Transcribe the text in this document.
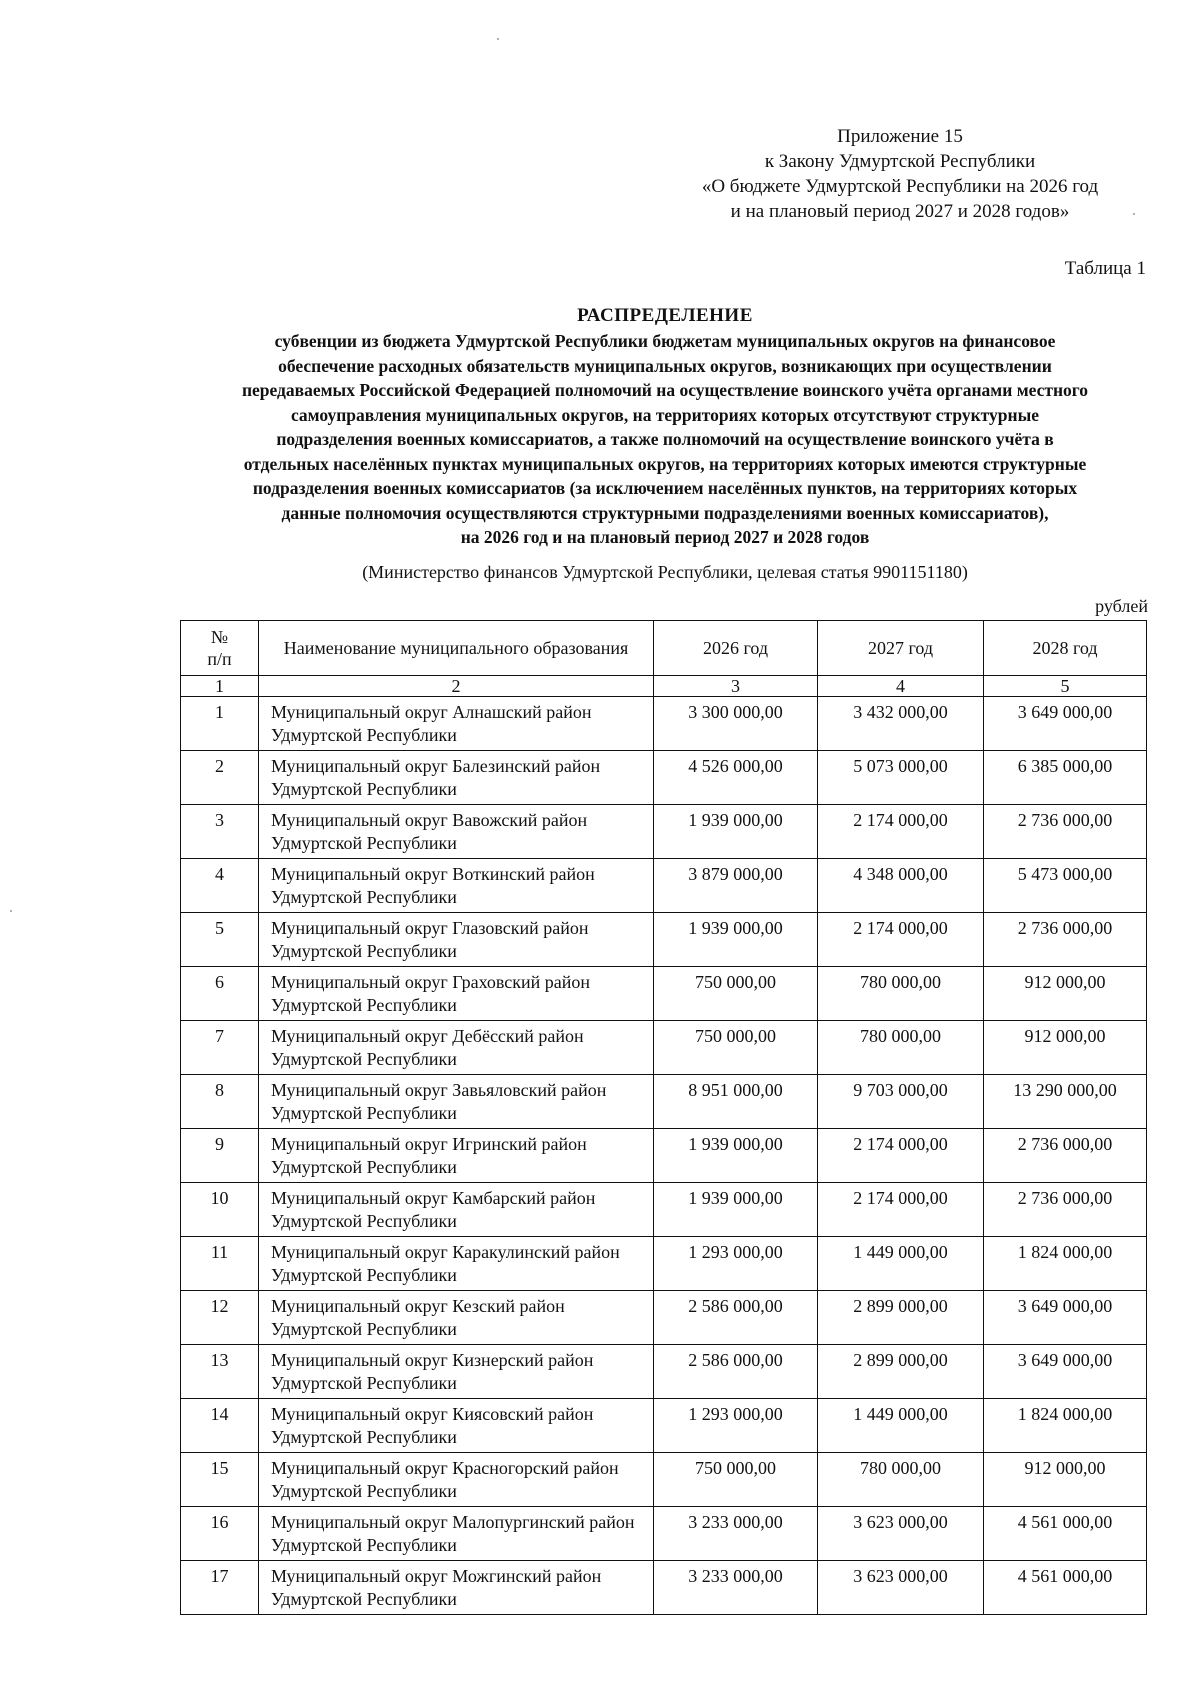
Приложение 15
к Закону Удмуртской Республики
«О бюджете Удмуртской Республики на 2026 год
и на плановый период 2027 и 2028 годов»
Таблица 1
РАСПРЕДЕЛЕНИЕ
субвенции из бюджета Удмуртской Республики бюджетам муниципальных округов на финансовое
обеспечение расходных обязательств муниципальных округов, возникающих при осуществлении
передаваемых Российской Федерацией полномочий на осуществление воинского учёта органами местного
самоуправления муниципальных округов, на территориях которых отсутствуют структурные
подразделения военных комиссариатов, а также полномочий на осуществление воинского учёта в
отдельных населённых пунктах муниципальных округов, на территориях которых имеются структурные
подразделения военных комиссариатов (за исключением населённых пунктов, на территориях которых
данные полномочия осуществляются структурными подразделениями военных комиссариатов),
на 2026 год и на плановый период 2027 и 2028 годов
(Министерство финансов Удмуртской Республики, целевая статья 9901151180)
рублей
№
п/п	Наименование муниципального образования	2026 год	2027 год	2028 год
1	2	3	4	5
1	Муниципальный округ Алнашский район Удмуртской Республики	3 300 000,00	3 432 000,00	3 649 000,00
2	Муниципальный округ Балезинский район Удмуртской Республики	4 526 000,00	5 073 000,00	6 385 000,00
3	Муниципальный округ Вавожский район Удмуртской Республики	1 939 000,00	2 174 000,00	2 736 000,00
4	Муниципальный округ Воткинский район Удмуртской Республики	3 879 000,00	4 348 000,00	5 473 000,00
5	Муниципальный округ Глазовский район Удмуртской Республики	1 939 000,00	2 174 000,00	2 736 000,00
6	Муниципальный округ Граховский район Удмуртской Республики	750 000,00	780 000,00	912 000,00
7	Муниципальный округ Дебёсский район Удмуртской Республики	750 000,00	780 000,00	912 000,00
8	Муниципальный округ Завьяловский район Удмуртской Республики	8 951 000,00	9 703 000,00	13 290 000,00
9	Муниципальный округ Игринский район Удмуртской Республики	1 939 000,00	2 174 000,00	2 736 000,00
10	Муниципальный округ Камбарский район Удмуртской Республики	1 939 000,00	2 174 000,00	2 736 000,00
11	Муниципальный округ Каракулинский район Удмуртской Республики	1 293 000,00	1 449 000,00	1 824 000,00
12	Муниципальный округ Кезский район Удмуртской Республики	2 586 000,00	2 899 000,00	3 649 000,00
13	Муниципальный округ Кизнерский район Удмуртской Республики	2 586 000,00	2 899 000,00	3 649 000,00
14	Муниципальный округ Киясовский район Удмуртской Республики	1 293 000,00	1 449 000,00	1 824 000,00
15	Муниципальный округ Красногорский район Удмуртской Республики	750 000,00	780 000,00	912 000,00
16	Муниципальный округ Малопургинский район Удмуртской Республики	3 233 000,00	3 623 000,00	4 561 000,00
17	Муниципальный округ Можгинский район Удмуртской Республики	3 233 000,00	3 623 000,00	4 561 000,00
